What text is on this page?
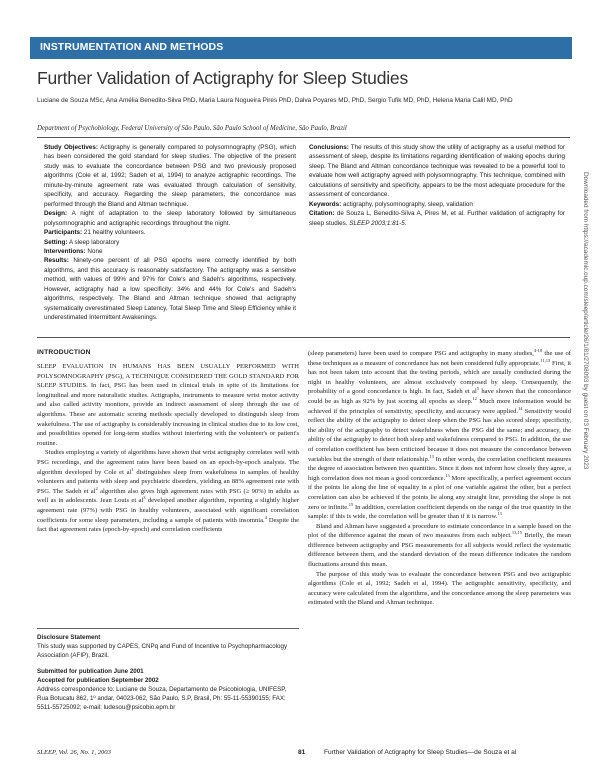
INSTRUMENTATION AND METHODS
Further Validation of Actigraphy for Sleep Studies
Luciane de Souza MSc, Ana Amélia Benedito-Silva PhD, Maria Laura Nogueira Pires PhD, Dalva Poyares MD, PhD, Sergio Tufik MD, PhD, Helena Maria Calil MD, PhD
Department of Psychobiology, Federal University of São Paulo, São Paulo School of Medicine, São Paulo, Brazil

Study Objectives: Actigraphy is generally compared to polysomnography (PSG), which has been considered the gold standard for sleep studies. The objective of the present study was to evaluate the concordance between PSG and two previously proposed algorithms (Cole et al, 1992; Sadeh et al, 1994) to analyze actigraphic recordings. The minute-by-minute agreement rate was evaluated through calculation of sensitivity, specificity, and accuracy. Regarding the sleep parameters, the concordance was performed through the Bland and Altman technique.

Design: A night of adaptation to the sleep laboratory followed by simultaneous polysomnographic and actigraphic recordings throughout the night.

Participants: 21 healthy volunteers.

Setting: A sleep laboratory

Interventions: None

Results: Ninety-one percent of all PSG epochs were correctly identified by both algorithms, and this accuracy is reasonably satisfactory. The actigraphy was a sensitive method, with values of 99% and 97% for Cole's and Sadeh's algorithms, respectively. However, actigraphy had a low specificity: 34% and 44% for Cole's and Sadeh's algorithms, respectively. The Bland and Altman technique showed that actigraphy systematically overestimated Sleep Latency, Total Sleep Time and Sleep Efficiency while it underestimated Intermittent Awakenings.

Conclusions: The results of this study show the utility of actigraphy as a useful method for assessment of sleep, despite its limitations regarding identification of waking epochs during sleep. The Bland and Altman concordance technique was revealed to be a powerful tool to evaluate how well actigraphy agreed with polysomnography. This technique, combined with calculations of sensitivity and specificity, appears to be the most adequate procedure for the assessment of concordance.

Keywords: actigraphy, polysomnography, sleep, validation

Citation: de Souza L, Benedito-Silva A, Pires M, et al. Further validation of actigraphy for sleep studies. SLEEP 2003;1:81-5.

INTRODUCTION

SLEEP EVALUATION IN HUMANS HAS BEEN USUALLY PERFORMED WITH POLYSOMNOGRAPHY (PSG), A TECHNIQUE CONSIDERED THE GOLD STANDARD FOR SLEEP STUDIES. In fact, PSG has been used in clinical trials in spite of its limitations for longitudinal and more naturalistic studies. Actigraphs, instruments to measure wrist motor activity and also called activity monitors, provide an indirect assessment of sleep through the use of algorithms. These are automatic scoring methods specially developed to distinguish sleep from wakefulness. The use of actigraphy is considerably increasing in clinical studies due to its low cost, and possibilities opened for long-term studies without interfering with the volunteer's or patient's routine.

Studies employing a variety of algorithms have shown that wrist actigraphy correlates well with PSG recordings, and the agreement rates have been based on an epoch-by-epoch analysis. The algorithm developed by Cole et $al^1$ distinguishes sleep from wakefulness in samples of healthy volunteers and patients with sleep and psychiatric disorders, yielding an 88% agreement rate with PSG. The Sadeh et $al^2$ algorithm also gives high agreement rates with PSG (≥ 90%) in adults as well as in adolescents. Jean Louis et $al^3$ developed another algorithm, reporting a slightly higher agreement rate (97%) with PSG in healthy volunteers, associated with significant correlation coefficients for some sleep parameters, including a sample of patients with insomnia.$^4$ Despite the fact that agreement rates (epoch-by-epoch) and correlation coefficients

Disclosure Statement
This study was supported by CAPES, CNPq and Fund of Incentive to Psychopharmacology Association (AFIP), Brazil.
Submitted for publication June 2001
Accepted for publication September 2002
Address correspondence to: Luciane de Souza, Departamento de Psicobiologia, UNIFESP, Rua Botucatu 862, 1º andar, 04023-062, São Paulo, S.P, Brasil, Ph: 55-11-55390155; FAX: 5511-55725092; e-mail: ludesou@psicobio.epm.br

(sleep parameters) have been used to compare PSG and actigraphy in many studies,$^{4-10}$ the use of these techniques as a measure of concordance has not been considered fully appropriate.$^{11,13}$ First, it has not been taken into account that the testing periods, which are usually conducted during the night in healthy volunteers, are almost exclusively composed by sleep. Consequently, the probability of a good concordance is high. In fact, Sadeh et $al^5$ have shown that the concordance could be as high as 92% by just scoring all epochs as sleep.$^{12}$ Much more information would be achieved if the principles of sensitivity, specificity, and accuracy were applied.$^{14}$ Sensitivity would reflect the ability of the actigraphy to detect sleep when the PSG has also scored sleep; specificity, the ability of the actigraphy to detect wakefulness when the PSG did the same; and accuracy, the ability of the actigraphy to detect both sleep and wakefulness compared to PSG. In addition, the use of correlation coefficient has been criticized because it does not measure the concordance between variables but the strength of their relationship.$^{13}$ In other words, the correlation coefficient measures the degree of association between two quantities. Since it does not inform how closely they agree, a high correlation does not mean a good concordance.$^{13}$ More specifically, a perfect agreement occurs if the points lie along the line of equality in a plot of one variable against the other, but a perfect correlation can also be achieved if the points lie along any straight line, providing the slope is not zero or infinite.$^{15}$ In addition, correlation coefficient depends on the range of the true quantity in the sample: if this is wide, the correlation will be greater than if it is narrow.$^{13}$

Bland and Altman have suggested a procedure to estimate concordance in a sample based on the plot of the difference against the mean of two measures from each subject.$^{13,15}$ Briefly, the mean difference between actigraphy and PSG measurements for all subjects would reflect the systematic difference between them, and the standard deviation of the mean difference indicates the random fluctuations around this mean.

The purpose of this study was to evaluate the concordance between PSG and two actigraphic algorithms (Cole et al, 1992; Sadeh et al, 1994). The actigraphic sensitivity, specificity, and accuracy were calculated from the algorithms, and the concordance among the sleep parameters was estimated with the Bland and Altman technique.

SLEEP, Vol. 26, No. 1, 2003	81	Further Validation of Actigraphy for Sleep Studies—de Souza et al
Downloaded from https://academic.oup.com/sleep/article/26/1/81/2708093 by guest on 03 February 2023
